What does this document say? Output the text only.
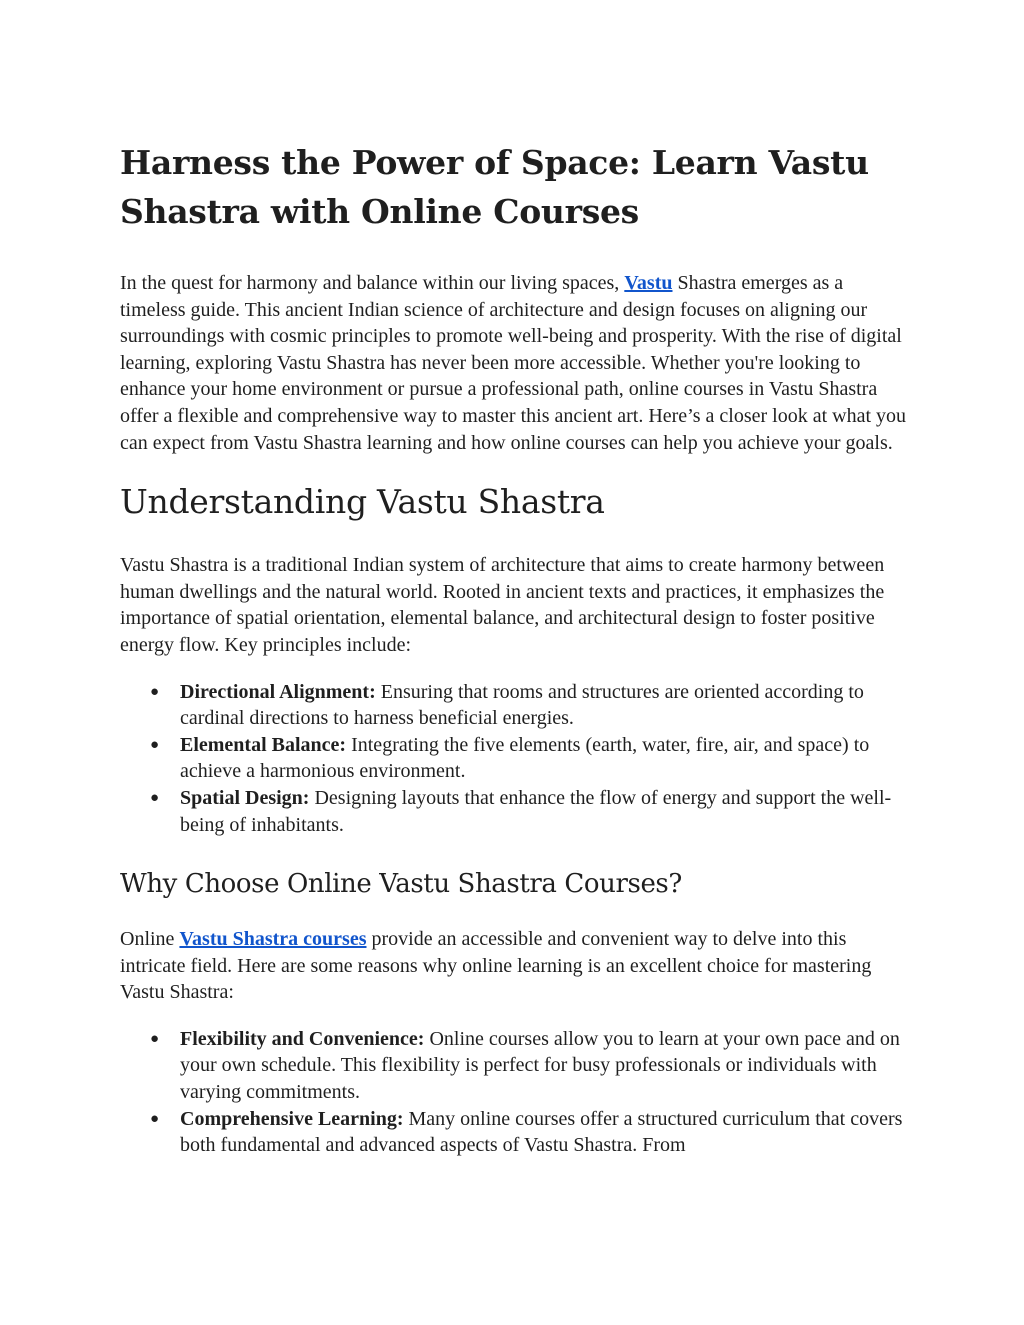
Harness the Power of Space: Learn Vastu Shastra with Online Courses

In the quest for harmony and balance within our living spaces, Vastu Shastra emerges as a timeless guide. This ancient Indian science of architecture and design focuses on aligning our surroundings with cosmic principles to promote well-being and prosperity. With the rise of digital learning, exploring Vastu Shastra has never been more accessible. Whether you're looking to enhance your home environment or pursue a professional path, online courses in Vastu Shastra offer a flexible and comprehensive way to master this ancient art. Here’s a closer look at what you can expect from Vastu Shastra learning and how online courses can help you achieve your goals.

Understanding Vastu Shastra

Vastu Shastra is a traditional Indian system of architecture that aims to create harmony between human dwellings and the natural world. Rooted in ancient texts and practices, it emphasizes the importance of spatial orientation, elemental balance, and architectural design to foster positive energy flow. Key principles include:

● Directional Alignment: Ensuring that rooms and structures are oriented according to cardinal directions to harness beneficial energies.
● Elemental Balance: Integrating the five elements (earth, water, fire, air, and space) to achieve a harmonious environment.
● Spatial Design: Designing layouts that enhance the flow of energy and support the well-being of inhabitants.
Why Choose Online Vastu Shastra Courses?

Online Vastu Shastra courses provide an accessible and convenient way to delve into this intricate field. Here are some reasons why online learning is an excellent choice for mastering Vastu Shastra:

● Flexibility and Convenience: Online courses allow you to learn at your own pace and on your own schedule. This flexibility is perfect for busy professionals or individuals with varying commitments.
● Comprehensive Learning: Many online courses offer a structured curriculum that covers both fundamental and advanced aspects of Vastu Shastra. From
